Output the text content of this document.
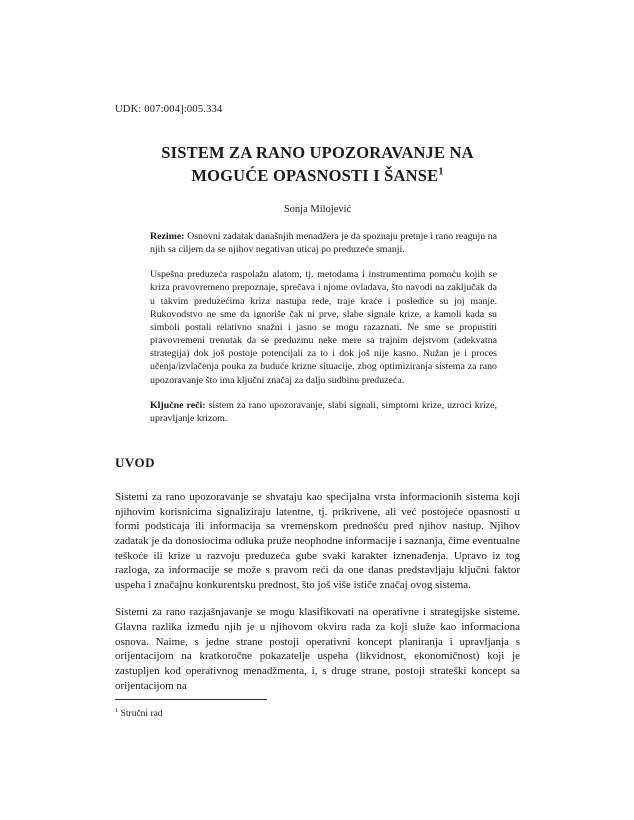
UDK: 007:004]:005.334

SISTEM ZA RANO UPOZORAVANJE NA
MOGUĆE OPASNOSTI I ŠANSE$^1$

Sonja Milojević

Rezime: Osnovni zadatak današnjih menadžera je da spoznaju pretnje i rano reaguju na njih sa ciljem da se njihov negativan uticaj po preduzeće smanji.

Uspešna preduzeća raspolažu alatom, tj. metodama i instrumentima pomoću kojih se kriza pravovremeno prepoznaje, sprečava i njome ovladava, što navodi na zaključak da u takvim preduzećima kriza nastupa rede, traje kraće i posledice su joj manje. Rukovodstvo ne sme da ignoriše čak ni prve, slabe signale krize, a kamoli kada su simboli postali relativno snažni i jasno se mogu razaznati. Ne sme se propustiti pravovremeni trenutak da se preduzmu neke mere sa trajnim dejstvom (adekvatna strategija) dok još postoje potencijali za to i dok još nije kasno. Nužan je i proces učenja/izvlačenja pouka za buduće krizne situacije, zbog optimiziranja sistema za rano upozoravanje što ima ključni značaj za dalju sudbinu preduzeća.

Ključne reči: sistem za rano upozoravanje, slabi signali, simptomi krize, uzroci krize, upravljanje krizom.

UVOD

Sistemi za rano upozoravanje se shvataju kao specijalna vrsta informacionih sistema koji njihovim korisnicima signaliziraju latentne, tj. prikrivene, ali već postojeće opasnosti u formi podsticaja ili informacija sa vremenskom prednošću pred njihov nastup. Njihov zadatak je da donosiocima odluka pruže neophodne informacije i saznanja, čime eventualne teškoće ili krize u razvoju preduzeća gube svaki karakter iznenađenja. Upravo iz tog razloga, za informacije se može s pravom reći da one danas predstavljaju ključni faktor uspeha i značajnu konkurentsku prednost, što još više ističe značaj ovog sistema.

Sistemi za rano razjašnjavanje se mogu klasifikovati na operativne i strategijske sisteme. Glavna razlika između njih je u njihovom okviru rada za koji služe kao informaciona osnova. Naime, s jedne strane postoji operativni koncept planiranja i upravljanja s orijentacijom na kratkoročne pokazatelje uspeha (likvidnost, ekonomičnost) koji je zastupljen kod operativnog menadžmenta, i, s druge strane, postoji strateški koncept sa orijentacijom na

$^1$ Stručni rad
